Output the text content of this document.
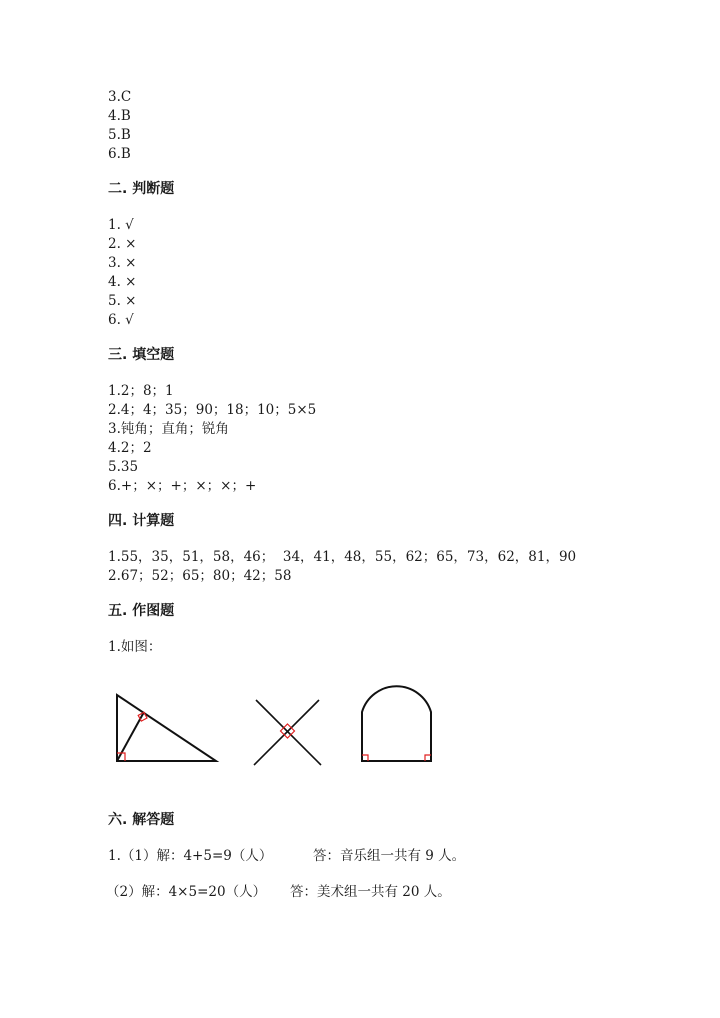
3.C
4.B
5.B
6.B
二. 判断题
1. √
2. ×
3. ×
4. ×
5. ×
6. √
三. 填空题
1.2；8；1
2.4；4；35；90；18；10；5×5
3.钝角；直角；锐角
4.2；2
5.35
6.+；×；+；×；×；+
四. 计算题
1.55，35，51，58，46；  34，41，48，55，62；65，73，62，81，90
2.67；52；65；80；42；58
五. 作图题
1.如图：
六. 解答题
1.（1）解：4+5=9（人）	答：音乐组一共有 9 人。
（2）解：4×5=20（人） 答：美术组一共有 20 人。
